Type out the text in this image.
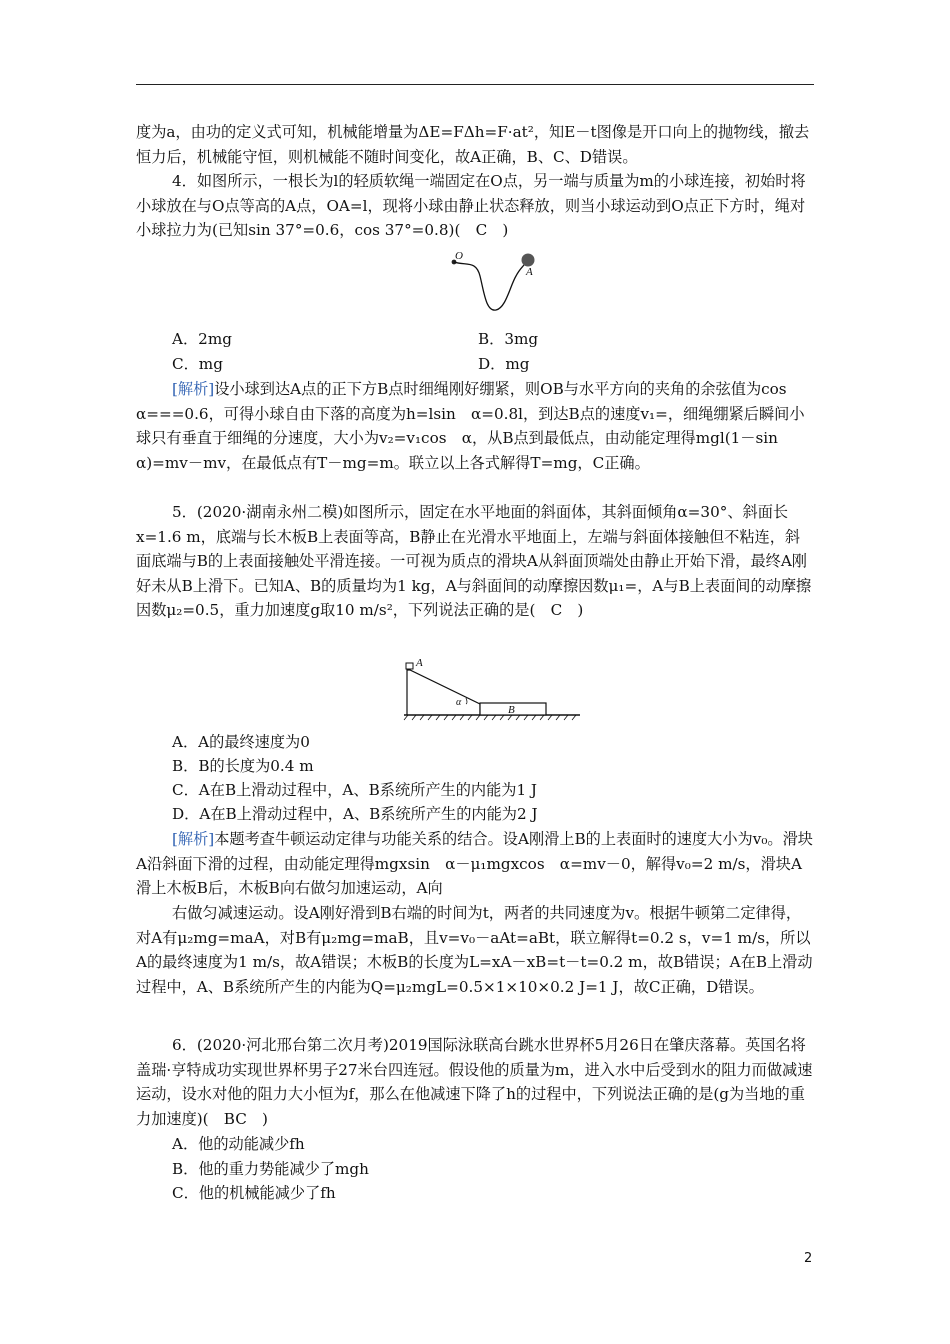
度为a，由功的定义式可知，机械能增量为ΔE=FΔh=F·at²，知E－t图像是开口向上的抛物线，撤去恒力后，机械能守恒，则机械能不随时间变化，故A正确，B、C、D错误。
4．如图所示，一根长为l的轻质软绳一端固定在O点，另一端与质量为m的小球连接，初始时将小球放在与O点等高的A点，OA=l，现将小球由静止状态释放，则当小球运动到O点正下方时，绳对小球拉力为(已知sin 37°=0.6，cos 37°=0.8)(　C　)
O
A
A．2mg	B．3mg
C．mg	D．mg
[解析]设小球到达A点的正下方B点时细绳刚好绷紧，则OB与水平方向的夹角的余弦值为cos　α===0.6，可得小球自由下落的高度为h=lsin　α=0.8l，到达B点的速度v₁=，细绳绷紧后瞬间小球只有垂直于细绳的分速度，大小为v₂=v₁cos　α，从B点到最低点，由动能定理得mgl(1－sin　α)=mv－mv，在最低点有T－mg=m。联立以上各式解得T=mg，C正确。
5．(2020·湖南永州二模)如图所示，固定在水平地面的斜面体，其斜面倾角α=30°、斜面长x=1.6 m，底端与长木板B上表面等高，B静止在光滑水平地面上，左端与斜面体接触但不粘连，斜面底端与B的上表面接触处平滑连接。一可视为质点的滑块A从斜面顶端处由静止开始下滑，最终A刚好未从B上滑下。已知A、B的质量均为1 kg，A与斜面间的动摩擦因数μ₁=，A与B上表面间的动摩擦因数μ₂=0.5，重力加速度g取10 m/s²，下列说法正确的是(　C　)
A
α
B
A．A的最终速度为0
B．B的长度为0.4 m
C．A在B上滑动过程中，A、B系统所产生的内能为1 J
D．A在B上滑动过程中，A、B系统所产生的内能为2 J
[解析]本题考查牛顿运动定律与功能关系的结合。设A刚滑上B的上表面时的速度大小为v₀。滑块A沿斜面下滑的过程，由动能定理得mgxsin　α－μ₁mgxcos　α=mv－0，解得v₀=2 m/s，滑块A滑上木板B后，木板B向右做匀加速运动，A向
右做匀减速运动。设A刚好滑到B右端的时间为t，两者的共同速度为v。根据牛顿第二定律得，对A有μ₂mg=maA，对B有μ₂mg=maB，且v=v₀－aAt=aBt，联立解得t=0.2 s，v=1 m/s，所以A的最终速度为1 m/s，故A错误；木板B的长度为L=xA－xB=t－t=0.2 m，故B错误；A在B上滑动过程中，A、B系统所产生的内能为Q=μ₂mgL=0.5×1×10×0.2 J=1 J，故C正确，D错误。
6．(2020·河北邢台第二次月考)2019国际泳联高台跳水世界杯5月26日在肇庆落幕。英国名将盖瑞·亨特成功实现世界杯男子27米台四连冠。假设他的质量为m，进入水中后受到水的阻力而做减速运动，设水对他的阻力大小恒为f，那么在他减速下降了h的过程中，下列说法正确的是(g为当地的重力加速度)(　BC　)
A．他的动能减少fh
B．他的重力势能减少了mgh
C．他的机械能减少了fh
2
